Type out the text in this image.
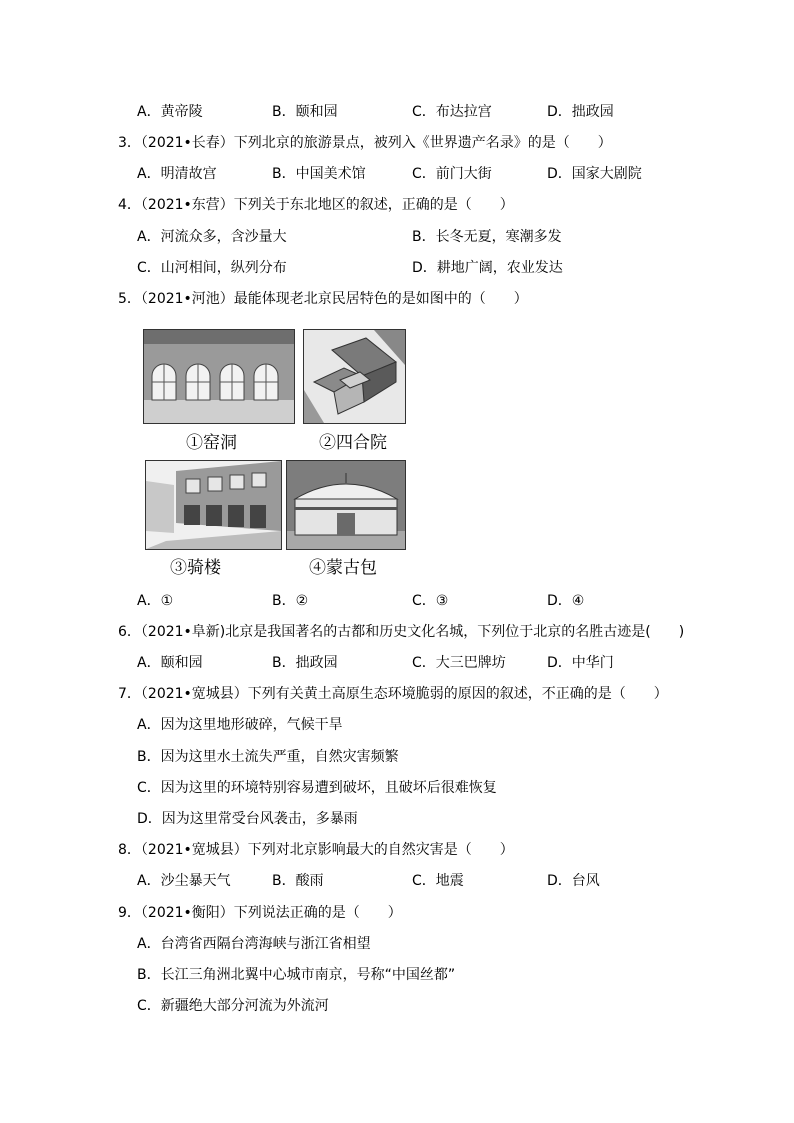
A．黄帝陵	B．颐和园	C．布达拉宫	D．拙政园
3．（2021•长春）下列北京的旅游景点，被列入《世界遗产名录》的是（　　）
A．明清故宫	B．中国美术馆	C．前门大街	D．国家大剧院
4．（2021•东营）下列关于东北地区的叙述，正确的是（　　）
A．河流众多，含沙量大	B．长冬无夏，寒潮多发
C．山河相间，纵列分布	D．耕地广阔，农业发达
5．（2021•河池）最能体现老北京民居特色的是如图中的（　　）
①窑洞	②四合院
③骑楼	④蒙古包
A．①	B．②	C．③	D．④
6．（2021•阜新)北京是我国著名的古都和历史文化名城，下列位于北京的名胜古迹是(　　)
A．颐和园	B．拙政园	C．大三巴牌坊	D．中华门
7．（2021•宽城县）下列有关黄土高原生态环境脆弱的原因的叙述，不正确的是（　　）
A．因为这里地形破碎，气候干旱
B．因为这里水土流失严重，自然灾害频繁
C．因为这里的环境特别容易遭到破坏，且破坏后很难恢复
D．因为这里常受台风袭击，多暴雨
8．（2021•宽城县）下列对北京影响最大的自然灾害是（　　）
A．沙尘暴天气	B．酸雨	C．地震	D．台风
9．（2021•衡阳）下列说法正确的是（　　）
A．台湾省西隔台湾海峡与浙江省相望
B．长江三角洲北翼中心城市南京，号称“中国丝都”
C．新疆绝大部分河流为外流河
